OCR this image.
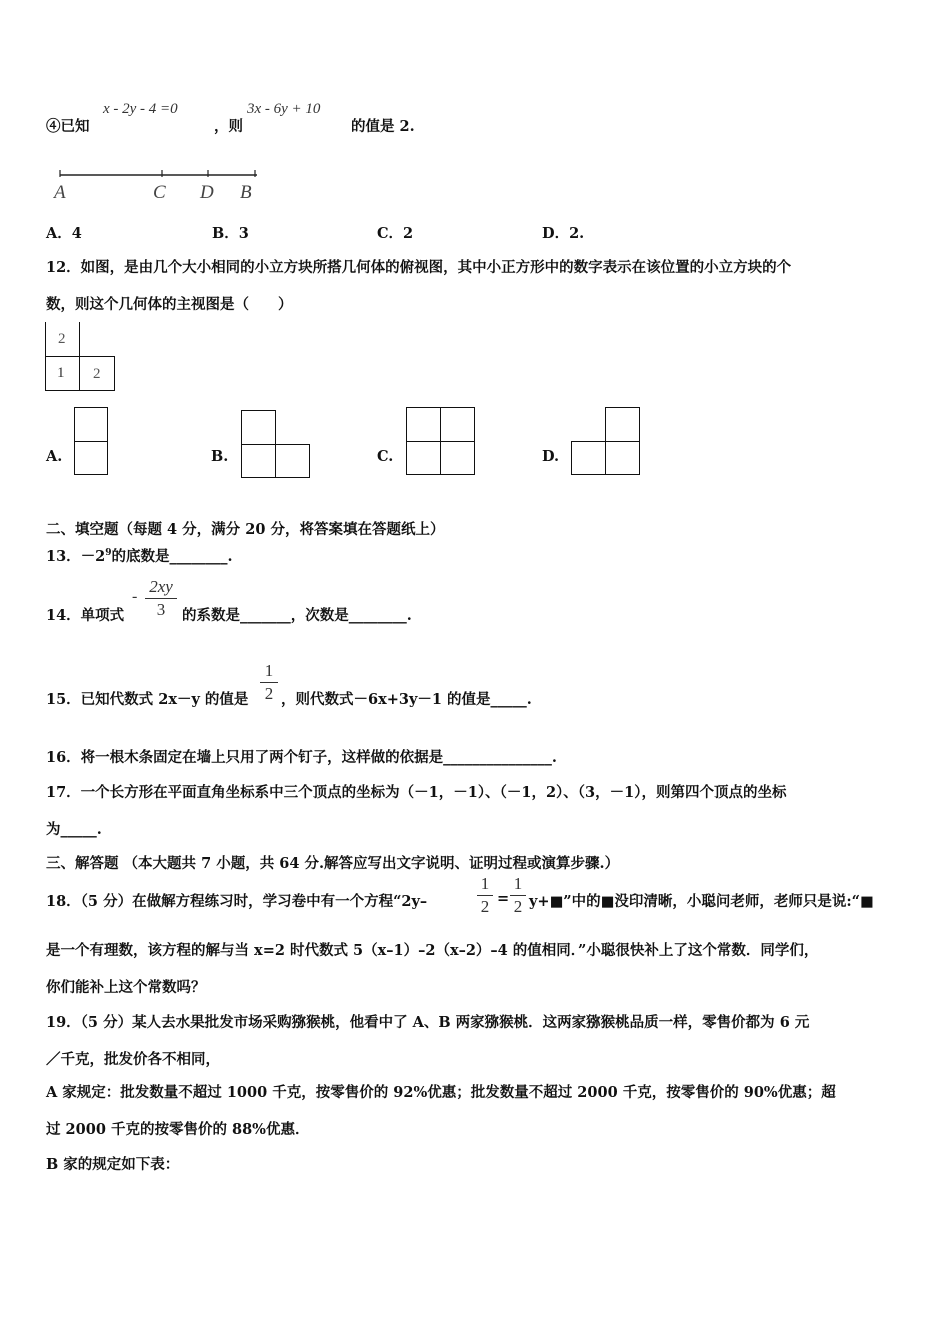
④已知
x - 2y - 4 =0
，则
3x - 6y + 10
的值是 2.
A	C D B
A．4	B．3	C．2	D．2.
12．如图，是由几个大小相同的小立方块所搭几何体的俯视图，其中小正方形中的数字表示在该位置的小立方块的个
数，则这个几何体的主视图是（　　）
2
1 2
A.	B.	C.	D.
二、填空题（每题 4 分，满分 20 分，将答案填在答题纸上）
13．$-2^9$的底数是________.
14．单项式
-
2xy
3	的系数是_______，次数是________.
15．已知代数式 2x－y 的值是
1
2 ，则代数式－6x+3y－1 的值是_____.
16．将一根木条固定在墙上只用了两个钉子，这样做的依据是_______________.
17．一个长方形在平面直角坐标系中三个顶点的坐标为（－1，－1）、（－1，2）、（3，－1），则第四个顶点的坐标
为_____.
三、解答题 （本大题共 7 小题，共 64 分.解答应写出文字说明、证明过程或演算步骤.）
18．（5 分）在做解方程练习时，学习卷中有一个方程“2y–
1
2 =
1
2 y+■”中的■没印清晰，小聪问老师，老师只是说:“■
是一个有理数，该方程的解与当 x=2 时代数式 5（x–1）–2（x–2）–4 的值相同．”小聪很快补上了这个常数．同学们，
你们能补上这个常数吗？
19．（5 分）某人去水果批发市场采购猕猴桃，他看中了 A、B 两家猕猴桃．这两家猕猴桃品质一样，零售价都为 6 元
／千克，批发价各不相同，
A 家规定：批发数量不超过 1000 千克，按零售价的 92%优惠；批发数量不超过 2000 千克，按零售价的 90%优惠；超
过 2000 千克的按零售价的 88%优惠．
B 家的规定如下表：
